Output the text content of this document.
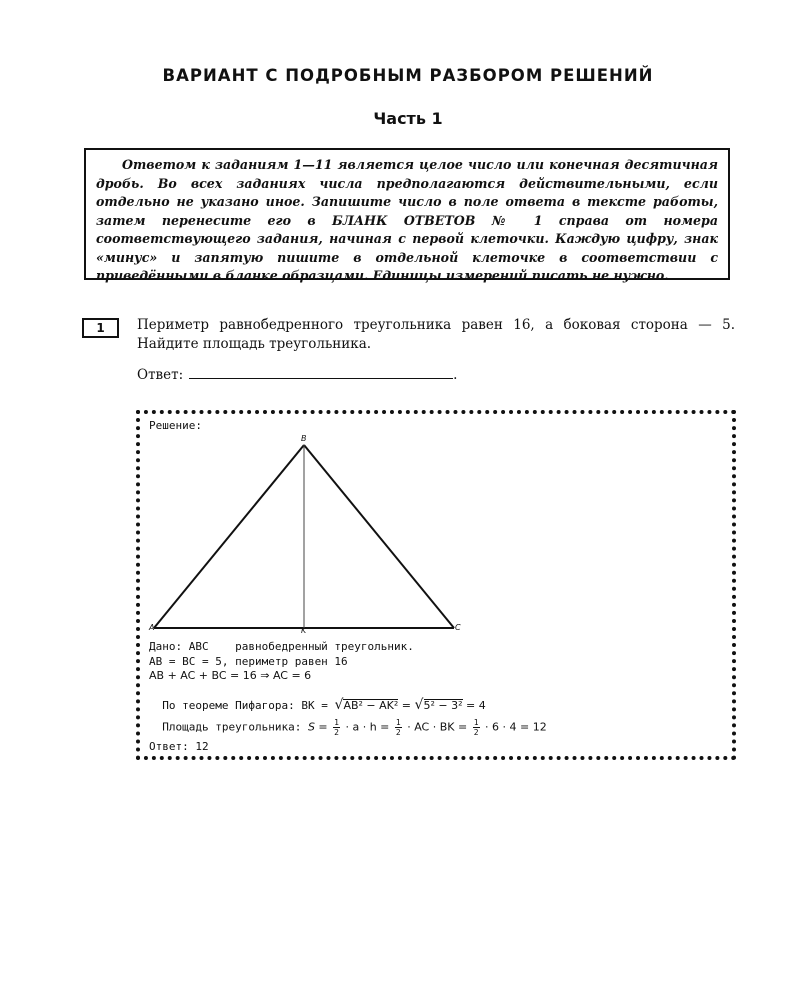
ВАРИАНТ С ПОДРОБНЫМ РАЗБОРОМ РЕШЕНИЙ
Часть 1
Ответом к заданиям 1—11 является целое число или конечная десятичная дробь. Во всех заданиях числа предполагаются действительными, если отдельно не указано иное. Запишите число в поле ответа в тексте работы, затем перенесите его в БЛАНК ОТВЕТОВ № 1 справа от номера соответствующего задания, начиная с первой клеточки. Каждую цифру, знак «минус» и запятую пишите в отдельной клеточке в соответствии с приведёнными в бланке образцами. Единицы измерений писать не нужно.
1	Периметр равнобедренного треугольника равен 16, а боковая сторона — 5. Найдите площадь треугольника.
Ответ:	.
Решение:
B
A	C
K
Дано: ABC    равнобедренный треугольник.
AB = BC = 5, периметр равен 16
AB + AC + BC = 16 ⇒ AC = 6

По теореме Пифагора: BK = √ AB² − AK² = √ 5² − 3² = 4

Площадь треугольника: $S = \frac{1}{2} \cdot a \cdot h = \frac{1}{2}$ · AC · BK = $\frac{1}{2} \cdot 6 \cdot 4 = 12$

Ответ: 12
